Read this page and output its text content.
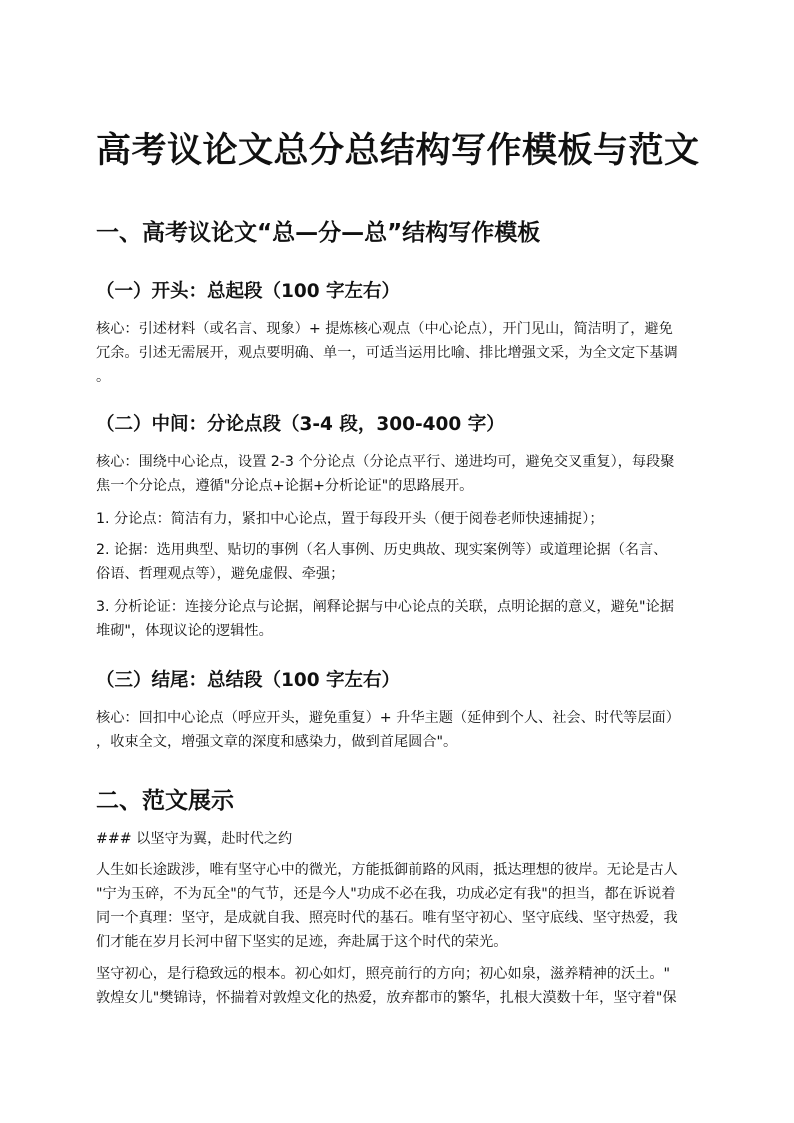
高考议论文总分总结构写作模板与范文
一、高考议论文“总—分—总”结构写作模板
（一）开头：总起段（100 字左右）
核心：引述材料（或名言、现象）+ 提炼核心观点（中心论点），开门见山，简洁明了，避免
冗余。引述无需展开，观点要明确、单一，可适当运用比喻、排比增强文采，为全文定下基调
。
（二）中间：分论点段（3-4 段，300-400 字）
核心：围绕中心论点，设置 2-3 个分论点（分论点平行、递进均可，避免交叉重复），每段聚
焦一个分论点，遵循"分论点+论据+分析论证"的思路展开。
1. 分论点：简洁有力，紧扣中心论点，置于每段开头（便于阅卷老师快速捕捉）；
2. 论据：选用典型、贴切的事例（名人事例、历史典故、现实案例等）或道理论据（名言、
俗语、哲理观点等），避免虚假、牵强；
3. 分析论证：连接分论点与论据，阐释论据与中心论点的关联，点明论据的意义，避免"论据
堆砌"，体现议论的逻辑性。
（三）结尾：总结段（100 字左右）
核心：回扣中心论点（呼应开头，避免重复）+ 升华主题（延伸到个人、社会、时代等层面）
，收束全文，增强文章的深度和感染力，做到首尾圆合"。
二、范文展示
### 以坚守为翼，赴时代之约
人生如长途跋涉，唯有坚守心中的微光，方能抵御前路的风雨，抵达理想的彼岸。无论是古人
"宁为玉碎，不为瓦全"的气节，还是今人"功成不必在我，功成必定有我"的担当，都在诉说着
同一个真理：坚守，是成就自我、照亮时代的基石。唯有坚守初心、坚守底线、坚守热爱，我
们才能在岁月长河中留下坚实的足迹，奔赴属于这个时代的荣光。
坚守初心，是行稳致远的根本。初心如灯，照亮前行的方向；初心如泉，滋养精神的沃土。"
敦煌女儿"樊锦诗，怀揣着对敦煌文化的热爱，放弃都市的繁华，扎根大漠数十年，坚守着"保
